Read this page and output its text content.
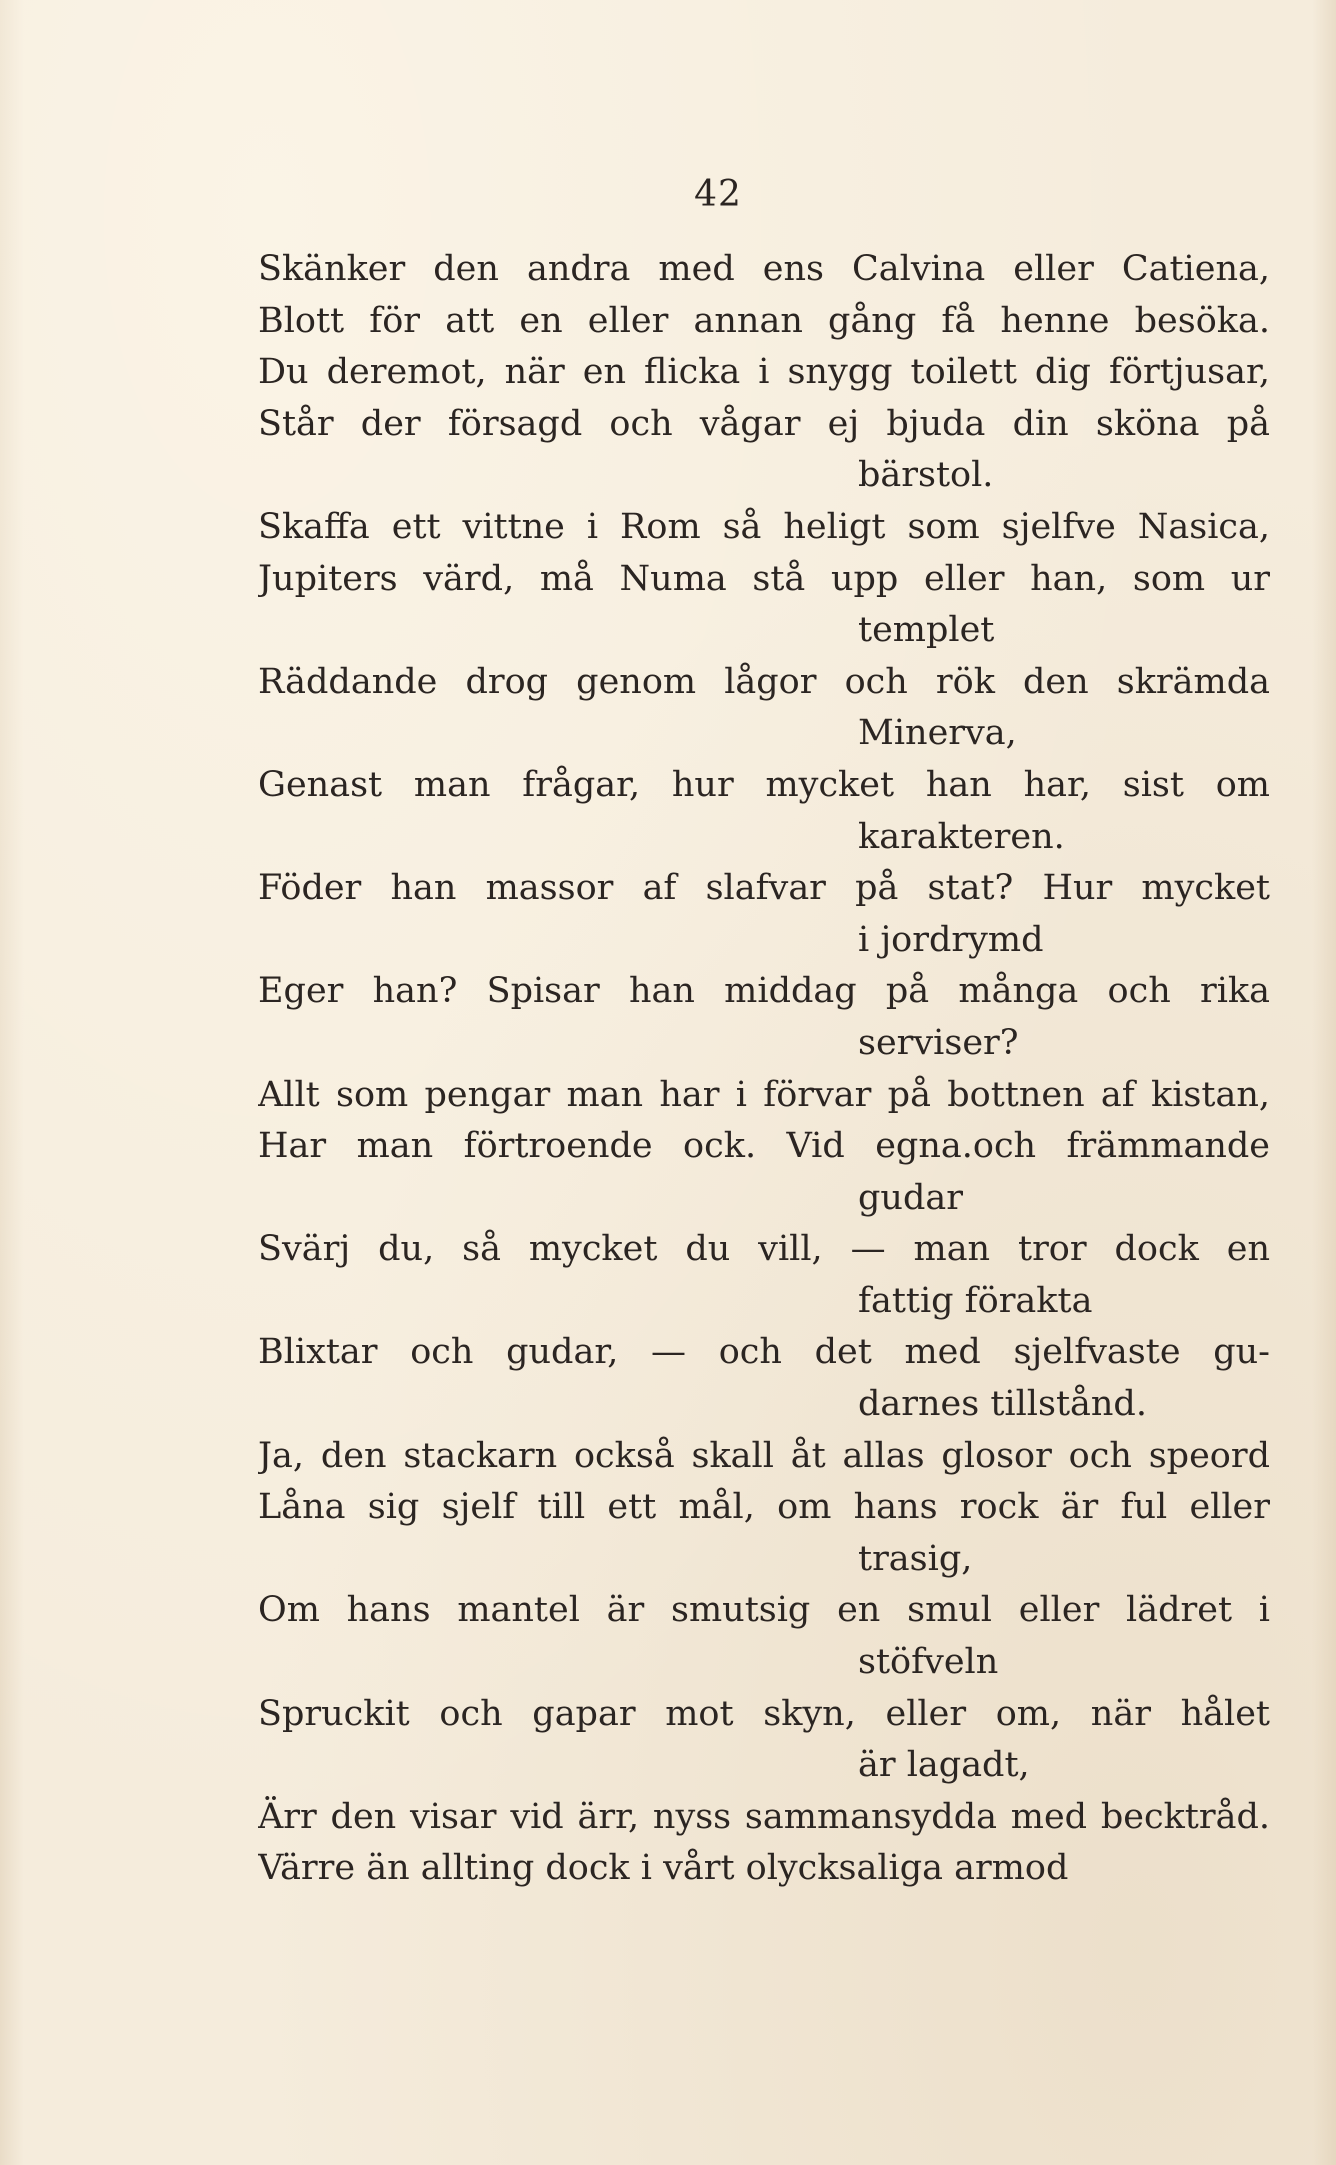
42
Skänker den andra med ens Calvina eller Catiena,
Blott för att en eller annan gång få henne besöka.
Du deremot, när en flicka i snygg toilett dig förtjusar,
Står der försagd och vågar ej bjuda din sköna på
bärstol.
Skaffa ett vittne i Rom så heligt som sjelfve Nasica,
Jupiters värd, må Numa stå upp eller han, som ur
templet
Räddande drog genom lågor och rök den skrämda
Minerva,
Genast man frågar, hur mycket han har, sist om
karakteren.
Föder han massor af slafvar på stat? Hur mycket
i jordrymd
Eger han? Spisar han middag på många och rika
serviser?
Allt som pengar man har i förvar på bottnen af kistan,
Har man förtroende ock. Vid egna.och främmande
gudar
Svärj du, så mycket du vill, — man tror dock en
fattig förakta
Blixtar och gudar, — och det med sjelfvaste gu-
darnes tillstånd.
Ja, den stackarn också skall åt allas glosor och speord
Låna sig sjelf till ett mål, om hans rock är ful eller
trasig,
Om hans mantel är smutsig en smul eller lädret i
stöfveln
Spruckit och gapar mot skyn, eller om, när hålet
är lagadt,
Ärr den visar vid ärr, nyss sammansydda med becktråd.
Värre än allting dock i vårt olycksaliga armod
